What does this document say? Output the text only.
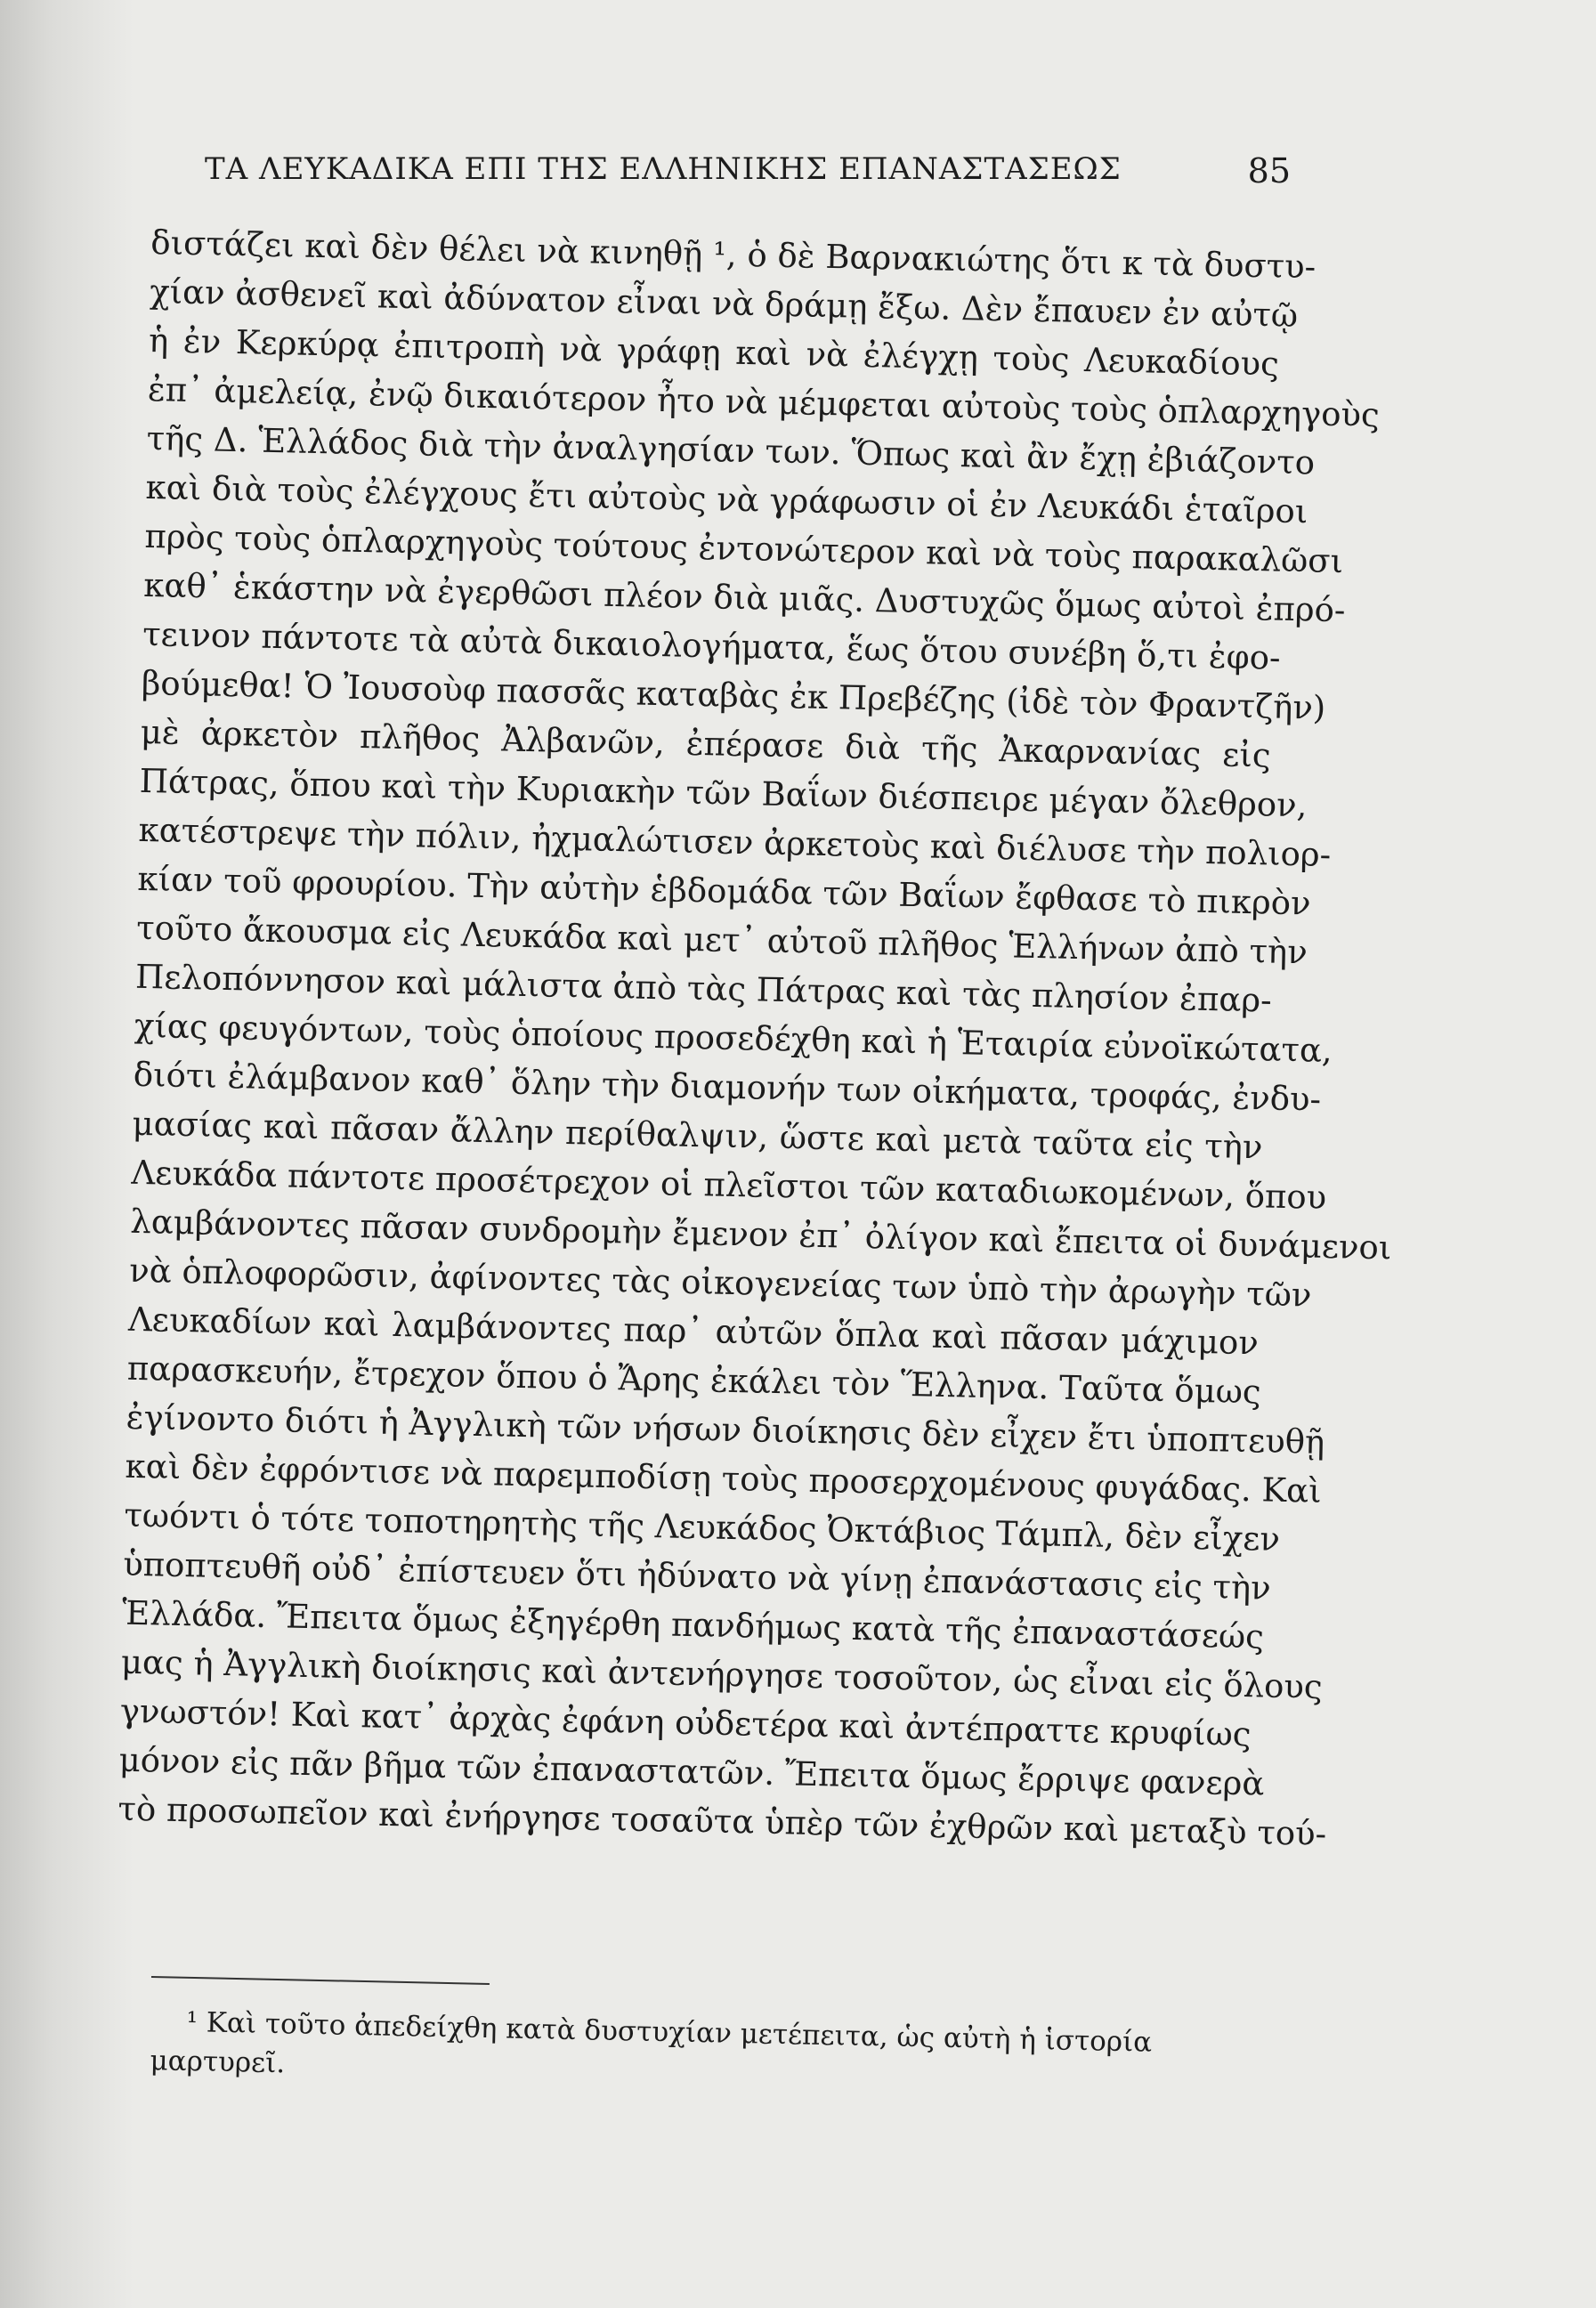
ΤΑ ΛΕΥΚΑΔΙΚΑ ΕΠΙ ΤΗΣ ΕΛΛΗΝΙΚΗΣ ΕΠΑΝΑΣΤΑΣΕΩΣ	85
διστάζει καὶ δὲν θέλει νὰ κινηθῇ ¹, ὁ δὲ Βαρνακιώτης ὅτι κ τὰ δυστυ-
χίαν ἀσθενεῖ καὶ ἀδύνατον εἶναι νὰ δράμῃ ἔξω. Δὲν ἔπαυεν ἐν αὐτῷ
ἡ ἐν Κερκύρᾳ ἐπιτροπὴ νὰ γράφῃ καὶ νὰ ἐλέγχῃ τοὺς Λευκαδίους
ἐπ᾽ ἀμελείᾳ, ἐνῷ δικαιότερον ἦτο νὰ μέμφεται αὐτοὺς τοὺς ὁπλαρχηγοὺς
τῆς Δ. Ἑλλάδος διὰ τὴν ἀναλγησίαν των. Ὅπως καὶ ἂν ἔχῃ ἐβιάζοντο
καὶ διὰ τοὺς ἐλέγχους ἔτι αὐτοὺς νὰ γράφωσιν οἱ ἐν Λευκάδι ἑταῖροι
πρὸς τοὺς ὁπλαρχηγοὺς τούτους ἐντονώτερον καὶ νὰ τοὺς παρακαλῶσι
καθ᾽ ἑκάστην νὰ ἐγερθῶσι πλέον διὰ μιᾶς. Δυστυχῶς ὅμως αὐτοὶ ἐπρό-
τεινον πάντοτε τὰ αὐτὰ δικαιολογήματα, ἕως ὅτου συνέβη ὅ,τι ἐφο-
βούμεθα! Ὁ Ἰουσοὺφ πασσᾶς καταβὰς ἐκ Πρεβέζης (ἰδὲ τὸν Φραντζῆν)
μὲ ἀρκετὸν πλῆθος Ἀλβανῶν, ἐπέρασε διὰ τῆς Ἀκαρνανίας εἰς
Πάτρας, ὅπου καὶ τὴν Κυριακὴν τῶν Βαΐων διέσπειρε μέγαν ὄλεθρον,
κατέστρεψε τὴν πόλιν, ἠχμαλώτισεν ἀρκετοὺς καὶ διέλυσε τὴν πολιορ-
κίαν τοῦ φρουρίου. Τὴν αὐτὴν ἑβδομάδα τῶν Βαΐων ἔφθασε τὸ πικρὸν
τοῦτο ἄκουσμα εἰς Λευκάδα καὶ μετ᾽ αὐτοῦ πλῆθος Ἑλλήνων ἀπὸ τὴν
Πελοπόννησον καὶ μάλιστα ἀπὸ τὰς Πάτρας καὶ τὰς πλησίον ἐπαρ-
χίας φευγόντων, τοὺς ὁποίους προσεδέχθη καὶ ἡ Ἑταιρία εὐνοϊκώτατα,
διότι ἐλάμβανον καθ᾽ ὅλην τὴν διαμονήν των οἰκήματα, τροφάς, ἐνδυ-
μασίας καὶ πᾶσαν ἄλλην περίθαλψιν, ὥστε καὶ μετὰ ταῦτα εἰς τὴν
Λευκάδα πάντοτε προσέτρεχον οἱ πλεῖστοι τῶν καταδιωκομένων, ὅπου
λαμβάνοντες πᾶσαν συνδρομὴν ἔμενον ἐπ᾽ ὀλίγον καὶ ἔπειτα οἱ δυνάμενοι
νὰ ὁπλοφορῶσιν, ἀφίνοντες τὰς οἰκογενείας των ὑπὸ τὴν ἀρωγὴν τῶν
Λευκαδίων καὶ λαμβάνοντες παρ᾽ αὐτῶν ὅπλα καὶ πᾶσαν μάχιμον
παρασκευήν, ἔτρεχον ὅπου ὁ Ἄρης ἐκάλει τὸν Ἕλληνα. Ταῦτα ὅμως
ἐγίνοντο διότι ἡ Ἀγγλικὴ τῶν νήσων διοίκησις δὲν εἶχεν ἔτι ὑποπτευθῇ
καὶ δὲν ἐφρόντισε νὰ παρεμποδίσῃ τοὺς προσερχομένους φυγάδας. Καὶ
τωόντι ὁ τότε τοποτηρητὴς τῆς Λευκάδος Ὀκτάβιος Τάμπλ, δὲν εἶχεν
ὑποπτευθῆ οὐδ᾽ ἐπίστευεν ὅτι ἠδύνατο νὰ γίνῃ ἐπανάστασις εἰς τὴν
Ἑλλάδα. Ἔπειτα ὅμως ἐξηγέρθη πανδήμως κατὰ τῆς ἐπαναστάσεώς
μας ἡ Ἀγγλικὴ διοίκησις καὶ ἀντενήργησε τοσοῦτον, ὡς εἶναι εἰς ὅλους
γνωστόν! Καὶ κατ᾽ ἀρχὰς ἐφάνη οὐδετέρα καὶ ἀντέπραττε κρυφίως
μόνον εἰς πᾶν βῆμα τῶν ἐπαναστατῶν. Ἔπειτα ὅμως ἔρριψε φανερὰ
τὸ προσωπεῖον καὶ ἐνήργησε τοσαῦτα ὑπὲρ τῶν ἐχθρῶν καὶ μεταξὺ τού-
¹ Καὶ τοῦτο ἀπεδείχθη κατὰ δυστυχίαν μετέπειτα, ὡς αὐτὴ ἡ ἱστορία
μαρτυρεῖ.
